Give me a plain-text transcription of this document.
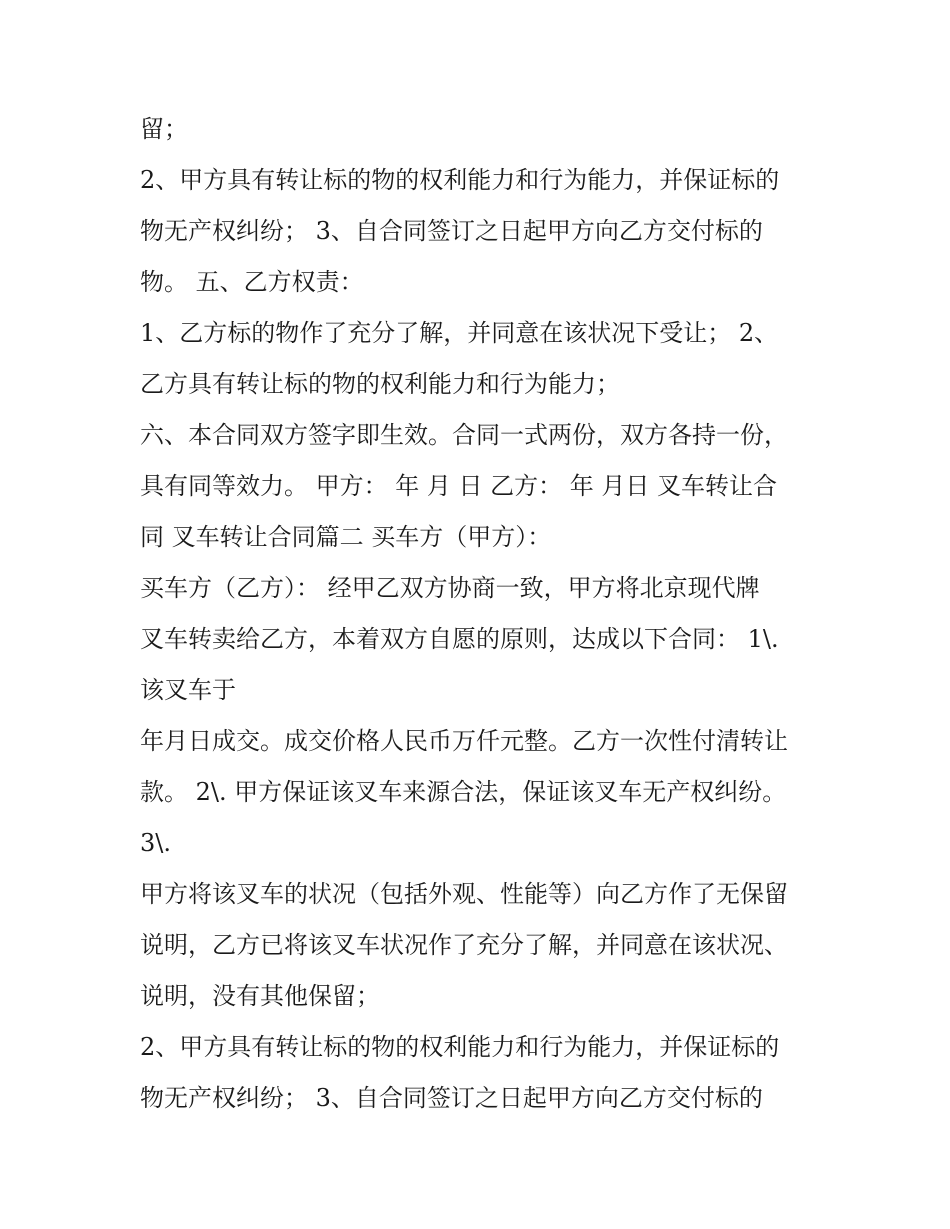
留；
2、甲方具有转让标的物的权利能力和行为能力，并保证标的
物无产权纠纷； 3、自合同签订之日起甲方向乙方交付标的
物。 五、乙方权责：
1、乙方标的物作了充分了解，并同意在该状况下受让； 2、
乙方具有转让标的物的权利能力和行为能力；
六、本合同双方签字即生效。合同一式两份，双方各持一份，
具有同等效力。 甲方： 年 月 日 乙方： 年 月日 叉车转让合
同 叉车转让合同篇二 买车方（甲方）：
买车方（乙方）： 经甲乙双方协商一致，甲方将北京现代牌
叉车转卖给乙方，本着双方自愿的原则，达成以下合同： 1\.
该叉车于
年月日成交。成交价格人民币万仟元整。乙方一次性付清转让
款。 2\. 甲方保证该叉车来源合法，保证该叉车无产权纠纷。
3\.
甲方将该叉车的状况（包括外观、性能等）向乙方作了无保留
说明，乙方已将该叉车状况作了充分了解，并同意在该状况、
说明，没有其他保留；
2、甲方具有转让标的物的权利能力和行为能力，并保证标的
物无产权纠纷； 3、自合同签订之日起甲方向乙方交付标的
